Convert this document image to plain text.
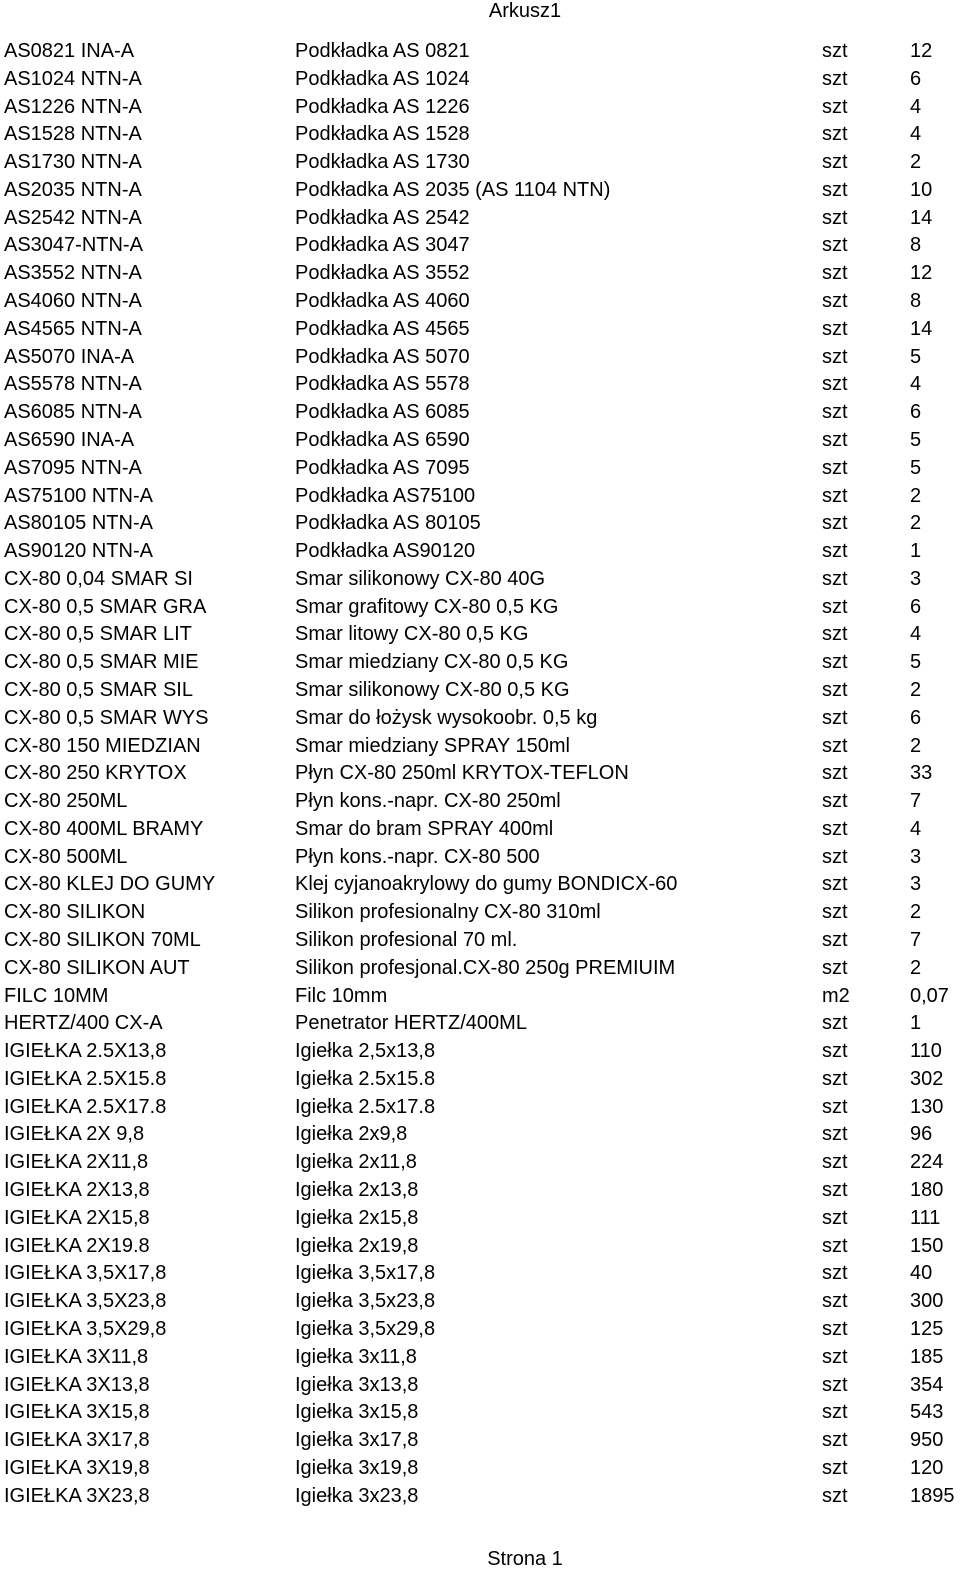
Arkusz1
AS0821 INA-A	Podkładka AS 0821	szt	12
AS1024 NTN-A	Podkładka AS 1024	szt	6
AS1226 NTN-A	Podkładka AS 1226	szt	4
AS1528 NTN-A	Podkładka AS 1528	szt	4
AS1730 NTN-A	Podkładka AS 1730	szt	2
AS2035 NTN-A	Podkładka AS 2035 (AS 1104 NTN)	szt	10
AS2542 NTN-A	Podkładka AS 2542	szt	14
AS3047-NTN-A	Podkładka AS 3047	szt	8
AS3552 NTN-A	Podkładka AS 3552	szt	12
AS4060 NTN-A	Podkładka AS 4060	szt	8
AS4565 NTN-A	Podkładka AS 4565	szt	14
AS5070 INA-A	Podkładka AS 5070	szt	5
AS5578 NTN-A	Podkładka AS 5578	szt	4
AS6085 NTN-A	Podkładka AS 6085	szt	6
AS6590 INA-A	Podkładka AS 6590	szt	5
AS7095 NTN-A	Podkładka AS 7095	szt	5
AS75100 NTN-A	Podkładka AS75100	szt	2
AS80105 NTN-A	Podkładka AS 80105	szt	2
AS90120 NTN-A	Podkładka AS90120	szt	1
CX-80 0,04 SMAR SI	Smar silikonowy CX-80 40G	szt	3
CX-80 0,5 SMAR GRA	Smar grafitowy CX-80 0,5 KG	szt	6
CX-80 0,5 SMAR LIT	Smar litowy CX-80 0,5 KG	szt	4
CX-80 0,5 SMAR MIE	Smar miedziany CX-80 0,5 KG	szt	5
CX-80 0,5 SMAR SIL	Smar silikonowy CX-80 0,5 KG	szt	2
CX-80 0,5 SMAR WYS	Smar do łożysk wysokoobr. 0,5 kg	szt	6
CX-80 150 MIEDZIAN	Smar miedziany SPRAY 150ml	szt	2
CX-80 250 KRYTOX	Płyn CX-80 250ml KRYTOX-TEFLON	szt	33
CX-80 250ML	Płyn kons.-napr. CX-80 250ml	szt	7
CX-80 400ML BRAMY	Smar do bram SPRAY 400ml	szt	4
CX-80 500ML	Płyn kons.-napr. CX-80 500	szt	3
CX-80 KLEJ DO GUMY	Klej cyjanoakrylowy do gumy BONDICX-60	szt	3
CX-80 SILIKON	Silikon profesionalny CX-80 310ml	szt	2
CX-80 SILIKON 70ML	Silikon profesional 70 ml.	szt	7
CX-80 SILIKON AUT	Silikon profesjonal.CX-80 250g PREMIUIM	szt	2
FILC 10MM	Filc 10mm	m2	0,07
HERTZ/400 CX-A	Penetrator HERTZ/400ML	szt	1
IGIEŁKA 2.5X13,8	Igiełka 2,5x13,8	szt	110
IGIEŁKA 2.5X15.8	Igiełka 2.5x15.8	szt	302
IGIEŁKA 2.5X17.8	Igiełka 2.5x17.8	szt	130
IGIEŁKA 2X 9,8	Igiełka 2x9,8	szt	96
IGIEŁKA 2X11,8	Igiełka 2x11,8	szt	224
IGIEŁKA 2X13,8	Igiełka 2x13,8	szt	180
IGIEŁKA 2X15,8	Igiełka 2x15,8	szt	111
IGIEŁKA 2X19.8	Igiełka 2x19,8	szt	150
IGIEŁKA 3,5X17,8	Igiełka 3,5x17,8	szt	40
IGIEŁKA 3,5X23,8	Igiełka 3,5x23,8	szt	300
IGIEŁKA 3,5X29,8	Igiełka 3,5x29,8	szt	125
IGIEŁKA 3X11,8	Igiełka 3x11,8	szt	185
IGIEŁKA 3X13,8	Igiełka 3x13,8	szt	354
IGIEŁKA 3X15,8	Igiełka 3x15,8	szt	543
IGIEŁKA 3X17,8	Igiełka 3x17,8	szt	950
IGIEŁKA 3X19,8	Igiełka 3x19,8	szt	120
IGIEŁKA 3X23,8	Igiełka 3x23,8	szt	1895
Strona 1
